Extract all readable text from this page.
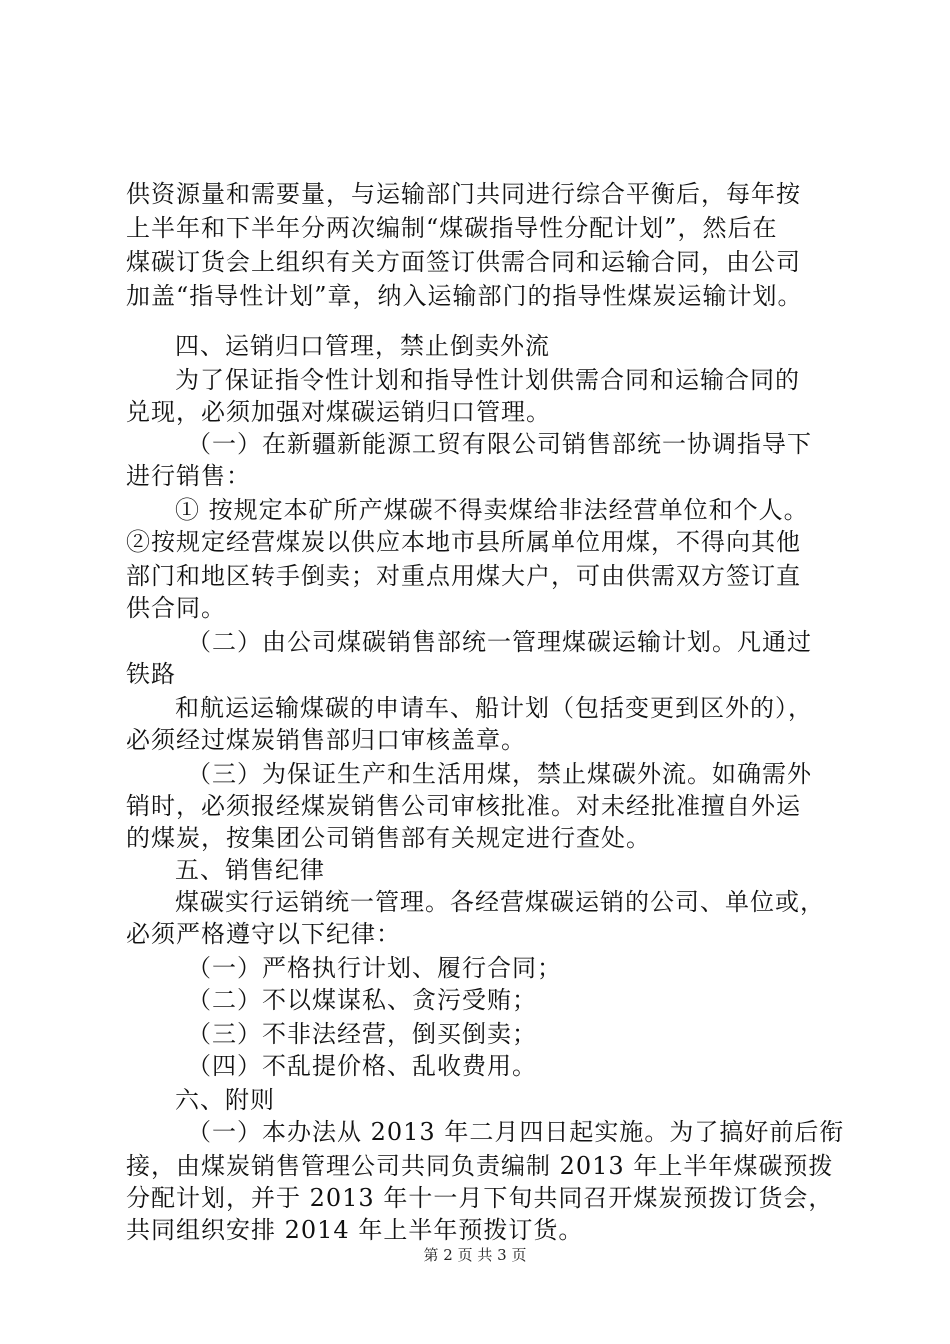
供资源量和需要量，与运输部门共同进行综合平衡后，每年按
上半年和下半年分两次编制“煤碳指导性分配计划”，然后在
煤碳订货会上组织有关方面签订供需合同和运输合同，由公司
加盖“指导性计划”章，纳入运输部门的指导性煤炭运输计划。
四、运销归口管理，禁止倒卖外流
为了保证指令性计划和指导性计划供需合同和运输合同的
兑现，必须加强对煤碳运销归口管理。
（一）在新疆新能源工贸有限公司销售部统一协调指导下
进行销售：
① 按规定本矿所产煤碳不得卖煤给非法经营单位和个人。
②按规定经营煤炭以供应本地市县所属单位用煤，不得向其他
部门和地区转手倒卖；对重点用煤大户，可由供需双方签订直
供合同。
（二）由公司煤碳销售部统一管理煤碳运输计划。凡通过
铁路
和航运运输煤碳的申请车、船计划（包括变更到区外的），
必须经过煤炭销售部归口审核盖章。
（三）为保证生产和生活用煤，禁止煤碳外流。如确需外
销时，必须报经煤炭销售公司审核批准。对未经批准擅自外运
的煤炭，按集团公司销售部有关规定进行查处。
五、销售纪律
煤碳实行运销统一管理。各经营煤碳运销的公司、单位或，
必须严格遵守以下纪律：
（一）严格执行计划、履行合同；
（二）不以煤谋私、贪污受贿；
（三）不非法经营，倒买倒卖；
（四）不乱提价格、乱收费用。
六、附则
（一）本办法从 2013 年二月四日起实施。为了搞好前后衔
接，由煤炭销售管理公司共同负责编制 2013 年上半年煤碳预拨
分配计划，并于 2013 年十一月下旬共同召开煤炭预拨订货会，
共同组织安排 2014 年上半年预拨订货。
第 2 页 共 3 页
